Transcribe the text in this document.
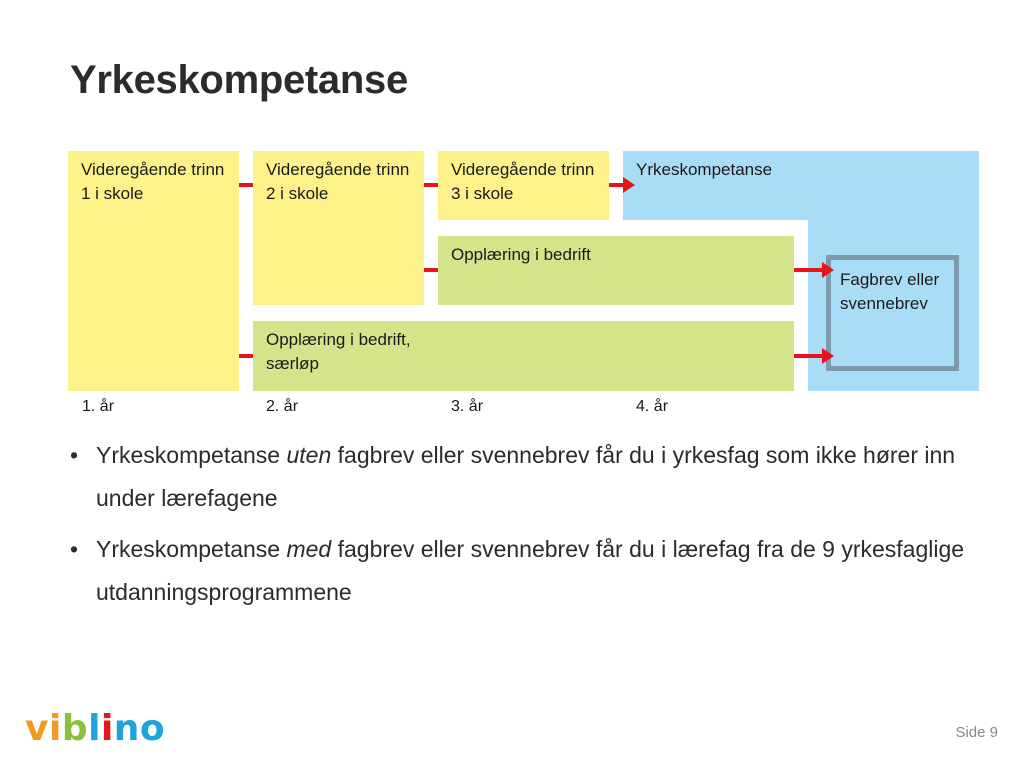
Yrkeskompetanse
Videregående trinn 1 i skole
Videregående trinn 2 i skole
Videregående trinn 3 i skole
Yrkeskompetanse
Opplæring i bedrift
Opplæring i bedrift, særløp
Fagbrev eller svennebrev
1. år	2. år	3. år	4. år
• Yrkeskompetanse uten fagbrev eller svennebrev får du i yrkesfag som ikke hører inn under lærefagene
• Yrkeskompetanse med fagbrev eller svennebrev får du i lærefag fra de 9 yrkesfaglige utdanningsprogrammene
viblino	Side 9
